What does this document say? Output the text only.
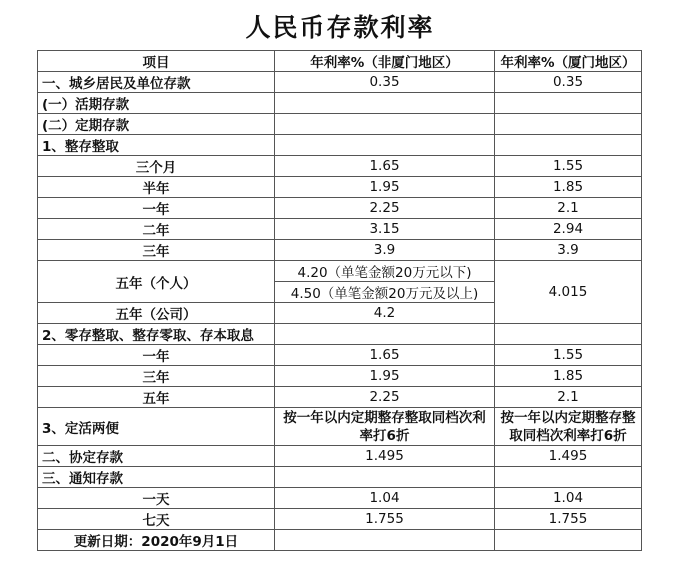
人民币存款利率
项目	年利率%（非厦门地区）	年利率%（厦门地区）
一、城乡居民及单位存款	0.35	0.35
(一）活期存款		
(二）定期存款		
1、整存整取		
三个月	1.65	1.55
半年	1.95	1.85
一年	2.25	2.1
二年	3.15	2.94
三年	3.9	3.9
五年（个人）	4.20（单笔金额20万元以下)	4.015
	4.50（单笔金额20万元及以上)	
五年（公司）	4.2	
2、零存整取、整存零取、存本取息		
一年	1.65	1.55
三年	1.95	1.85
五年	2.25	2.1
3、定活两便	按一年以内定期整存整取同档次利率打6折	按一年以内定期整存整取同档次利率打6折
二、协定存款	1.495	1.495
三、通知存款		
一天	1.04	1.04
七天	1.755	1.755
更新日期：2020年9月1日		
